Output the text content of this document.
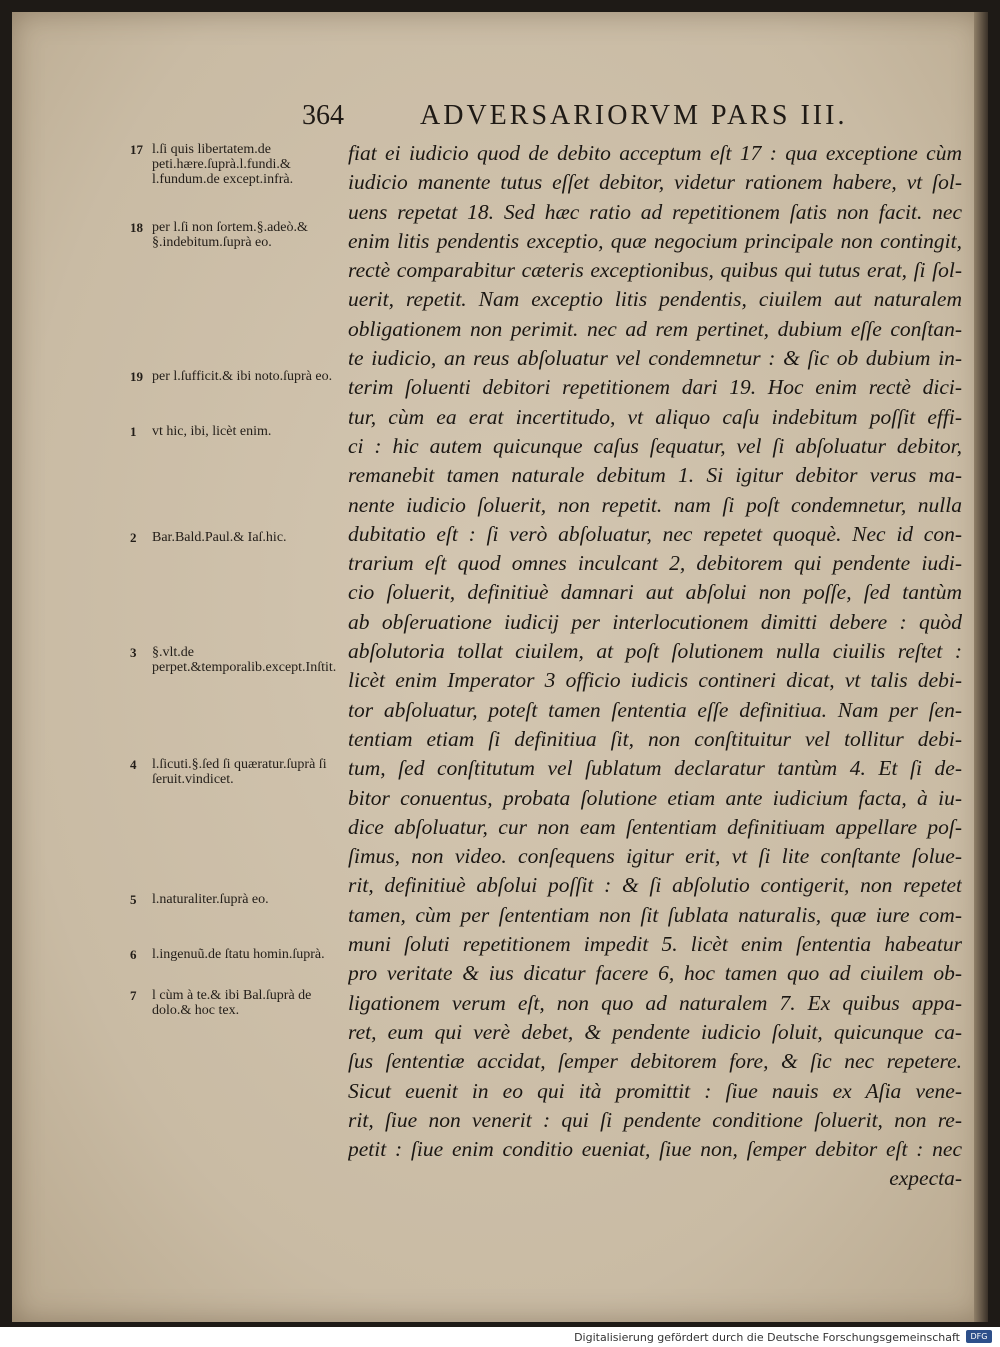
364	ADVERSARIORVM PARS III.
fiat ei iudicio quod de debito acceptum eſt 17 : qua exceptione cùm
iudicio manente tutus eſſet debitor, videtur rationem habere, vt ſol-
uens repetat 18. Sed hæc ratio ad repetitionem ſatis non facit. nec
enim litis pendentis exceptio, quæ negocium principale non contingit,
rectè comparabitur cæteris exceptionibus, quibus qui tutus erat, ſi ſol-
uerit, repetit. Nam exceptio litis pendentis, ciuilem aut naturalem
obligationem non perimit. nec ad rem pertinet, dubium eſſe conſtan-
te iudicio, an reus abſoluatur vel condemnetur : & ſic ob dubium in-
terim ſoluenti debitori repetitionem dari 19. Hoc enim rectè dici-
tur, cùm ea erat incertitudo, vt aliquo caſu indebitum poſſit effi-
ci : hic autem quicunque caſus ſequatur, vel ſi abſoluatur debitor,
remanebit tamen naturale debitum 1. Si igitur debitor verus ma-
nente iudicio ſoluerit, non repetit. nam ſi poſt condemnetur, nulla
dubitatio eſt : ſi verò abſoluatur, nec repetet quoquè. Nec id con-
trarium eſt quod omnes inculcant 2, debitorem qui pendente iudi-
cio ſoluerit, definitiuè damnari aut abſolui non poſſe, ſed tantùm
ab obſeruatione iudicij per interlocutionem dimitti debere : quòd
abſolutoria tollat ciuilem, at poſt ſolutionem nulla ciuilis reſtet :
licèt enim Imperator 3 officio iudicis contineri dicat, vt talis debi-
tor abſoluatur, poteſt tamen ſententia eſſe definitiua. Nam per ſen-
tentiam etiam ſi definitiua ſit, non conſtituitur vel tollitur debi-
tum, ſed conſtitutum vel ſublatum declaratur tantùm 4. Et ſi de-
bitor conuentus, probata ſolutione etiam ante iudicium facta, à iu-
dice abſoluatur, cur non eam ſententiam definitiuam appellare poſ-
ſimus, non video. conſequens igitur erit, vt ſi lite conſtante ſolue-
rit, definitiuè abſolui poſſit : & ſi abſolutio contigerit, non repetet
tamen, cùm per ſententiam non ſit ſublata naturalis, quæ iure com-
muni ſoluti repetitionem impedit 5. licèt enim ſententia habeatur
pro veritate & ius dicatur facere 6, hoc tamen quo ad ciuilem ob-
ligationem verum eſt, non quo ad naturalem 7. Ex quibus appa-
ret, eum qui verè debet, & pendente iudicio ſoluit, quicunque ca-
ſus ſententiæ accidat, ſemper debitorem fore, & ſic nec repetere.
Sicut euenit in eo qui ità promittit : ſiue nauis ex Aſia vene-
rit, ſiue non venerit : qui ſi pendente conditione ſoluerit, non re-
petit : ſiue enim conditio eueniat, ſiue non, ſemper debitor eſt : nec
expecta-
17 l.ſi quis libertatem.de peti.hære.ſuprà.l.fundi.& l.fundum.de except.infrà.
18 per l.ſi non ſortem.§.adeò.& §.indebitum.ſuprà eo.
19 per l.ſufficit.& ibi noto.ſuprà eo.
1	vt hic, ibi, licèt enim.
2	Bar.Bald.Paul.& Iaſ.hic.
3	§.vlt.de perpet.&temporalib.except.Inſtit.
4	l.ſicuti.§.ſed ſi quæratur.ſuprà ſi ſeruit.vindicet.
5	l.naturaliter.ſuprà eo.
6	l.ingenuũ.de ſtatu homin.ſuprà.
7	l cùm à te.& ibi Bal.ſuprà de dolo.& hoc tex.
Digitalisierung gefördert durch die Deutsche Forschungsgemeinschaft	DFG
